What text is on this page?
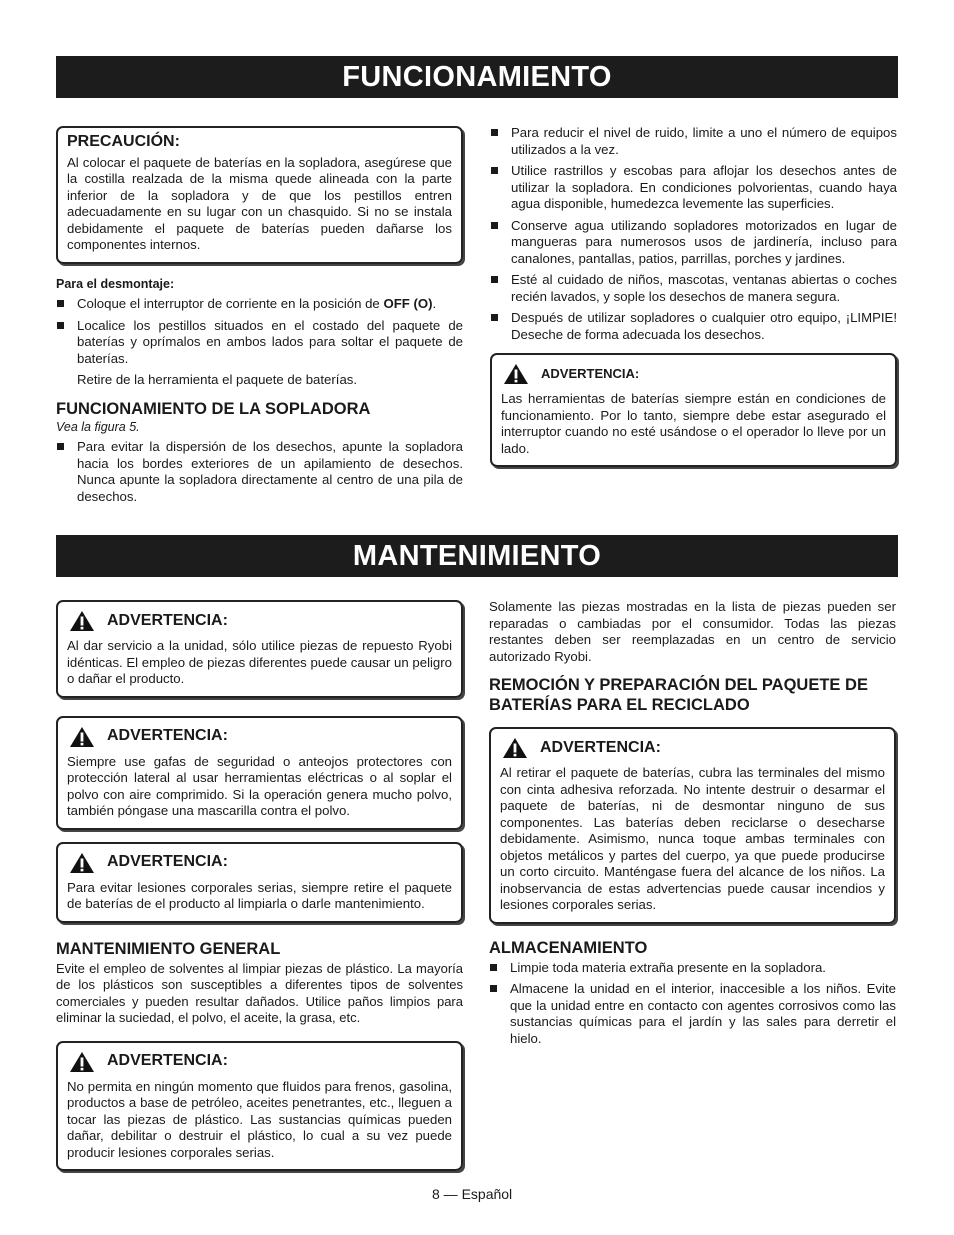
FUNCIONAMIENTO
PRECAUCIÓN:

Al colocar el paquete de baterías en la sopladora, asegúrese que la costilla realzada de la misma quede alineada con la parte inferior de la sopladora y de que los pestillos entren adecuadamente en su lugar con un chasquido. Si no se instala debidamente el paquete de baterías pueden dañarse los componentes internos.

Para el desmontaje:
Coloque el interruptor de corriente en la posición de OFF (O).
Localice los pestillos situados en el costado del paquete de baterías y oprímalos en ambos lados para soltar el paquete de baterías.

Retire de la herramienta el paquete de baterías.

FUNCIONAMIENTO DE LA SOPLADORA
Vea la figura 5.
Para evitar la dispersión de los desechos, apunte la sopladora hacia los bordes exteriores de un apilamiento de desechos. Nunca apunte la sopladora directamente al centro de una pila de desechos.
Para reducir el nivel de ruido, limite a uno el número de equipos utilizados a la vez.
Utilice rastrillos y escobas para aflojar los desechos antes de utilizar la sopladora. En condiciones polvorientas, cuando haya agua disponible, humedezca levemente las superficies.
Conserve agua utilizando sopladores motorizados en lugar de mangueras para numerosos usos de jardinería, incluso para canalones, pantallas, patios, parrillas, porches y jardines.
Esté al cuidado de niños, mascotas, ventanas abiertas o coches recién lavados, y sople los desechos de manera segura.
Después de utilizar sopladores o cualquier otro equipo, ¡LIMPIE! Deseche de forma adecuada los desechos.
ADVERTENCIA:

Las herramientas de baterías siempre están en condiciones de funcionamiento. Por lo tanto, siempre debe estar asegurado el interruptor cuando no esté usándose o el operador lo lleve por un lado.

MANTENIMIENTO
ADVERTENCIA:

Al dar servicio a la unidad, sólo utilice piezas de repuesto Ryobi idénticas. El empleo de piezas diferentes puede causar un peligro o dañar el producto.

ADVERTENCIA:

Siempre use gafas de seguridad o anteojos protectores con protección lateral al usar herramientas eléctricas o al soplar el polvo con aire comprimido. Si la operación genera mucho polvo, también póngase una mascarilla contra el polvo.

ADVERTENCIA:

Para evitar lesiones corporales serias, siempre retire el paquete de baterías de el producto al limpiarla o darle mantenimiento.

MANTENIMIENTO GENERAL

Evite el empleo de solventes al limpiar piezas de plástico. La mayoría de los plásticos son susceptibles a diferentes tipos de solventes comerciales y pueden resultar dañados. Utilice paños limpios para eliminar la suciedad, el polvo, el aceite, la grasa, etc.

ADVERTENCIA:

No permita en ningún momento que fluidos para frenos, gasolina, productos a base de petróleo, aceites penetrantes, etc., lleguen a tocar las piezas de plástico. Las sustancias químicas pueden dañar, debilitar o destruir el plástico, lo cual a su vez puede producir lesiones corporales serias.

Solamente las piezas mostradas en la lista de piezas pueden ser reparadas o cambiadas por el consumidor. Todas las piezas restantes deben ser reemplazadas en un centro de servicio autorizado Ryobi.

REMOCIÓN Y PREPARACIÓN DEL PAQUETE DE BATERÍAS PARA EL RECICLADO
ADVERTENCIA:

Al retirar el paquete de baterías, cubra las terminales del mismo con cinta adhesiva reforzada. No intente destruir o desarmar el paquete de baterías, ni de desmontar ninguno de sus componentes. Las baterías deben reciclarse o desecharse debidamente. Asimismo, nunca toque ambas terminales con objetos metálicos y partes del cuerpo, ya que puede producirse un corto circuito. Manténgase fuera del alcance de los niños. La inobservancia de estas advertencias puede causar incendios y lesiones corporales serias.

ALMACENAMIENTO
Limpie toda materia extraña presente en la sopladora.
Almacene la unidad en el interior, inaccesible a los niños. Evite que la unidad entre en contacto con agentes corrosivos como las sustancias químicas para el jardín y las sales para derretir el hielo.
8 — Español
